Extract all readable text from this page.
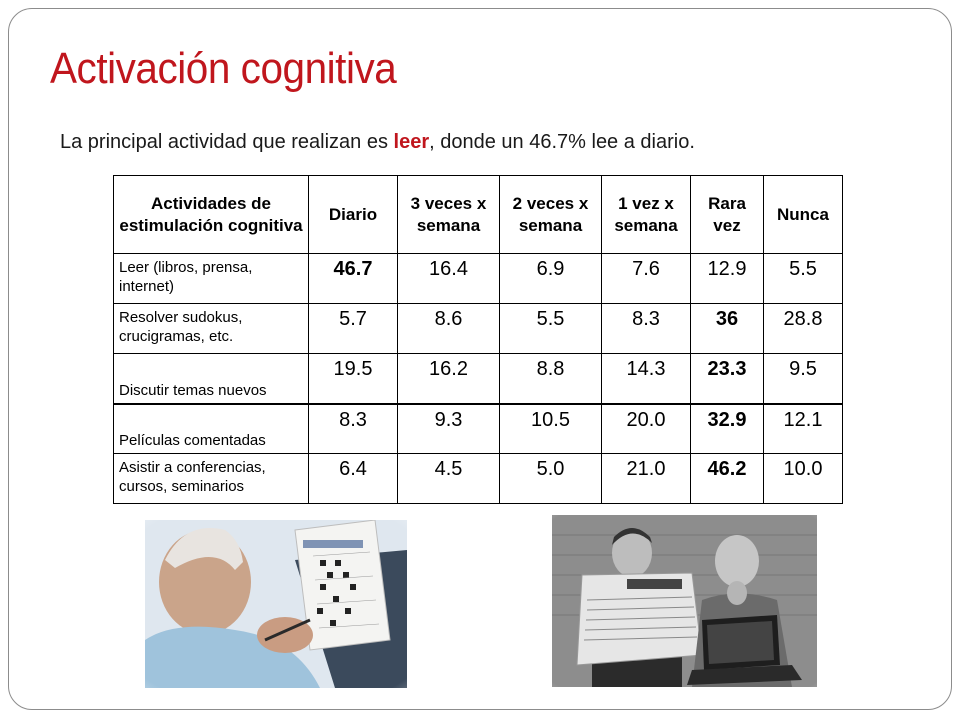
Activación cognitiva

La principal actividad que realizan es leer, donde un 46.7% lee a diario.

Actividades de estimulación cognitiva	Diario	3 veces x semana	2 veces x semana	1 vez x semana	Rara vez	Nunca
Leer (libros, prensa, internet)	46.7	16.4	6.9	7.6	12.9	5.5
Resolver sudokus, crucigramas, etc.	5.7	8.6	5.5	8.3	36	28.8
Discutir temas nuevos	19.5	16.2	8.8	14.3	23.3	9.5
Películas comentadas	8.3	9.3	10.5	20.0	32.9	12.1
Asistir a conferencias, cursos, seminarios	6.4	4.5	5.0	21.0	46.2	10.0
